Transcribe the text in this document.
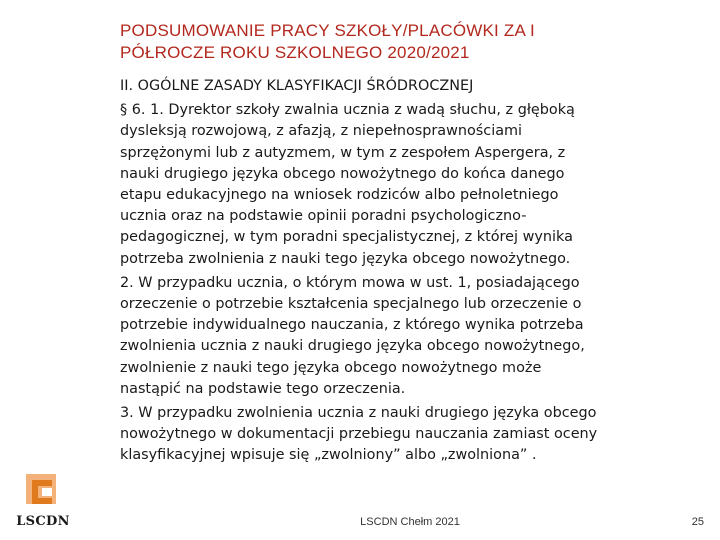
PODSUMOWANIE PRACY SZKOŁY/PLACÓWKI ZA I
PÓŁROCZE ROKU SZKOLNEGO 2020/2021
II. OGÓLNE ZASADY KLASYFIKACJI ŚRÓDROCZNEJ
§ 6. 1. Dyrektor szkoły zwalnia ucznia z wadą słuchu, z głęboką
dysleksją rozwojową, z afazją, z niepełnosprawnościami
sprzężonymi lub z autyzmem, w tym z zespołem Aspergera, z
nauki drugiego języka obcego nowożytnego do końca danego
etapu edukacyjnego na wniosek rodziców albo pełnoletniego
ucznia oraz na podstawie opinii poradni psychologiczno-
pedagogicznej, w tym poradni specjalistycznej, z której wynika
potrzeba zwolnienia z nauki tego języka obcego nowożytnego.
2. W przypadku ucznia, o którym mowa w ust. 1, posiadającego
orzeczenie o potrzebie kształcenia specjalnego lub orzeczenie o
potrzebie indywidualnego nauczania, z którego wynika potrzeba
zwolnienia ucznia z nauki drugiego języka obcego nowożytnego,
zwolnienie z nauki tego języka obcego nowożytnego może
nastąpić na podstawie tego orzeczenia.
3. W przypadku zwolnienia ucznia z nauki drugiego języka obcego
nowożytnego w dokumentacji przebiegu nauczania zamiast oceny
klasyfikacyjnej wpisuje się „zwolniony” albo „zwolniona” .
LSCDN	LSCDN Chełm 2021	25
